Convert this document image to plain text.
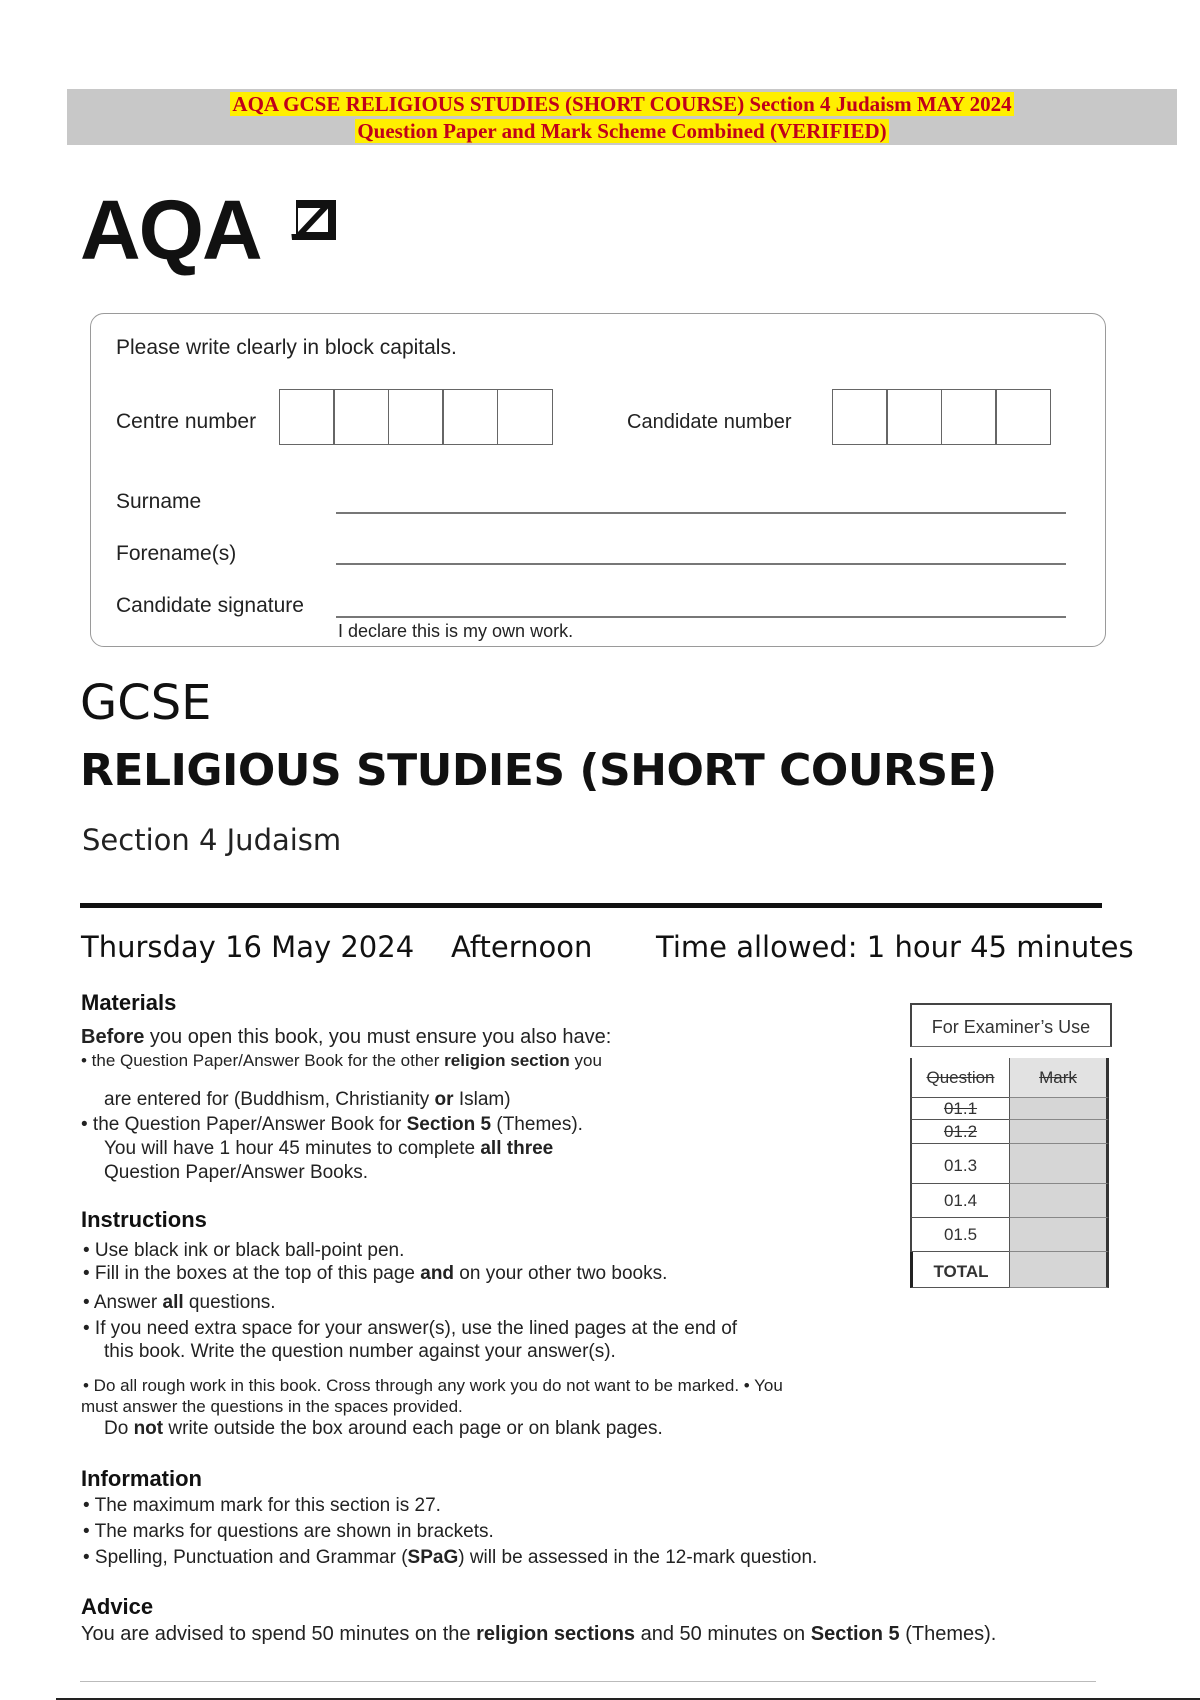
AQA GCSE RELIGIOUS STUDIES (SHORT COURSE) Section 4 Judaism MAY 2024
Question Paper and Mark Scheme Combined (VERIFIED)
AQA
Please write clearly in block capitals.
Centre number	Candidate number
Surname
Forename(s)
Candidate signature
I declare this is my own work.
GCSE
RELIGIOUS STUDIES (SHORT COURSE)
Section 4 Judaism
Thursday 16 May 2024 Afternoon Time allowed: 1 hour 45 minutes
Materials
Before you open this book, you must ensure you also have:
• the Question Paper/Answer Book for the other religion section you
are entered for (Buddhism, Christianity or Islam)
• the Question Paper/Answer Book for Section 5 (Themes).
You will have 1 hour 45 minutes to complete all three
Question Paper/Answer Books.
Instructions
• Use black ink or black ball-point pen.
• Fill in the boxes at the top of this page and on your other two books.
• Answer all questions.
• If you need extra space for your answer(s), use the lined pages at the end of
this book. Write the question number against your answer(s).
• Do all rough work in this book. Cross through any work you do not want to be marked. • You
must answer the questions in the spaces provided.
Do not write outside the box around each page or on blank pages.
Information
• The maximum mark for this section is 27.
• The marks for questions are shown in brackets.
• Spelling, Punctuation and Grammar (SPaG) will be assessed in the 12-mark question.
Advice
You are advised to spend 50 minutes on the religion sections and 50 minutes on Section 5 (Themes).
For Examiner’s Use
Question	Mark
01.1
01.2
01.3
01.4
01.5
TOTAL
